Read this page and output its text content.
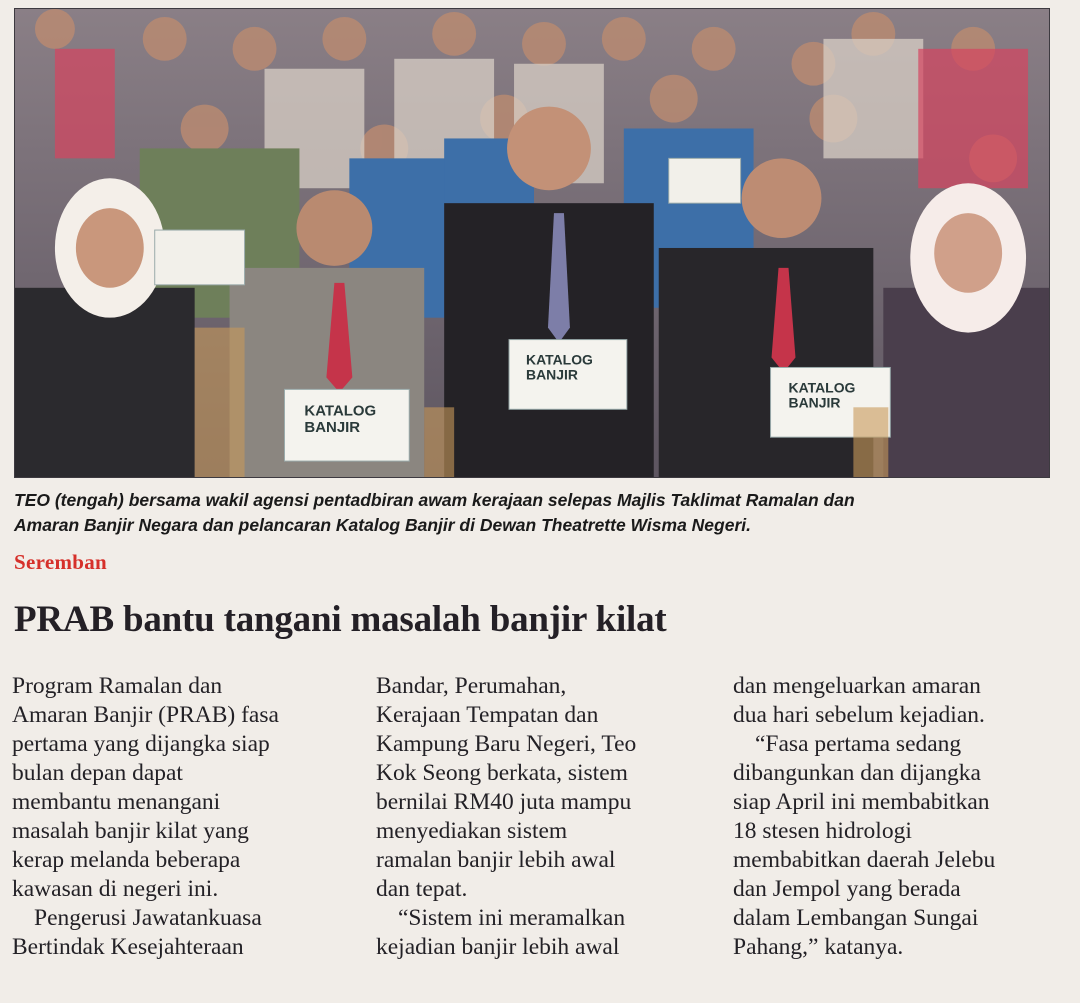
KATALOG
BANJIR
KATALOG
BANJIR
KATALOG
BANJIR
TEO (tengah) bersama wakil agensi pentadbiran awam kerajaan selepas Majlis Taklimat Ramalan dan
Amaran Banjir Negara dan pelancaran Katalog Banjir di Dewan Theatrette Wisma Negeri.
Seremban
PRAB bantu tangani masalah banjir kilat

Program Ramalan dan

Amaran Banjir (PRAB) fasa

pertama yang dijangka siap

bulan depan dapat

membantu menangani

masalah banjir kilat yang

kerap melanda beberapa

kawasan di negeri ini.

Pengerusi Jawatankuasa

Bertindak Kesejahteraan

Bandar, Perumahan,

Kerajaan Tempatan dan

Kampung Baru Negeri, Teo

Kok Seong berkata, sistem

bernilai RM40 juta mampu

menyediakan sistem

ramalan banjir lebih awal

dan tepat.

“Sistem ini meramalkan

kejadian banjir lebih awal

dan mengeluarkan amaran

dua hari sebelum kejadian.

“Fasa pertama sedang

dibangunkan dan dijangka

siap April ini membabitkan

18 stesen hidrologi

membabitkan daerah Jelebu

dan Jempol yang berada

dalam Lembangan Sungai

Pahang,” katanya.
